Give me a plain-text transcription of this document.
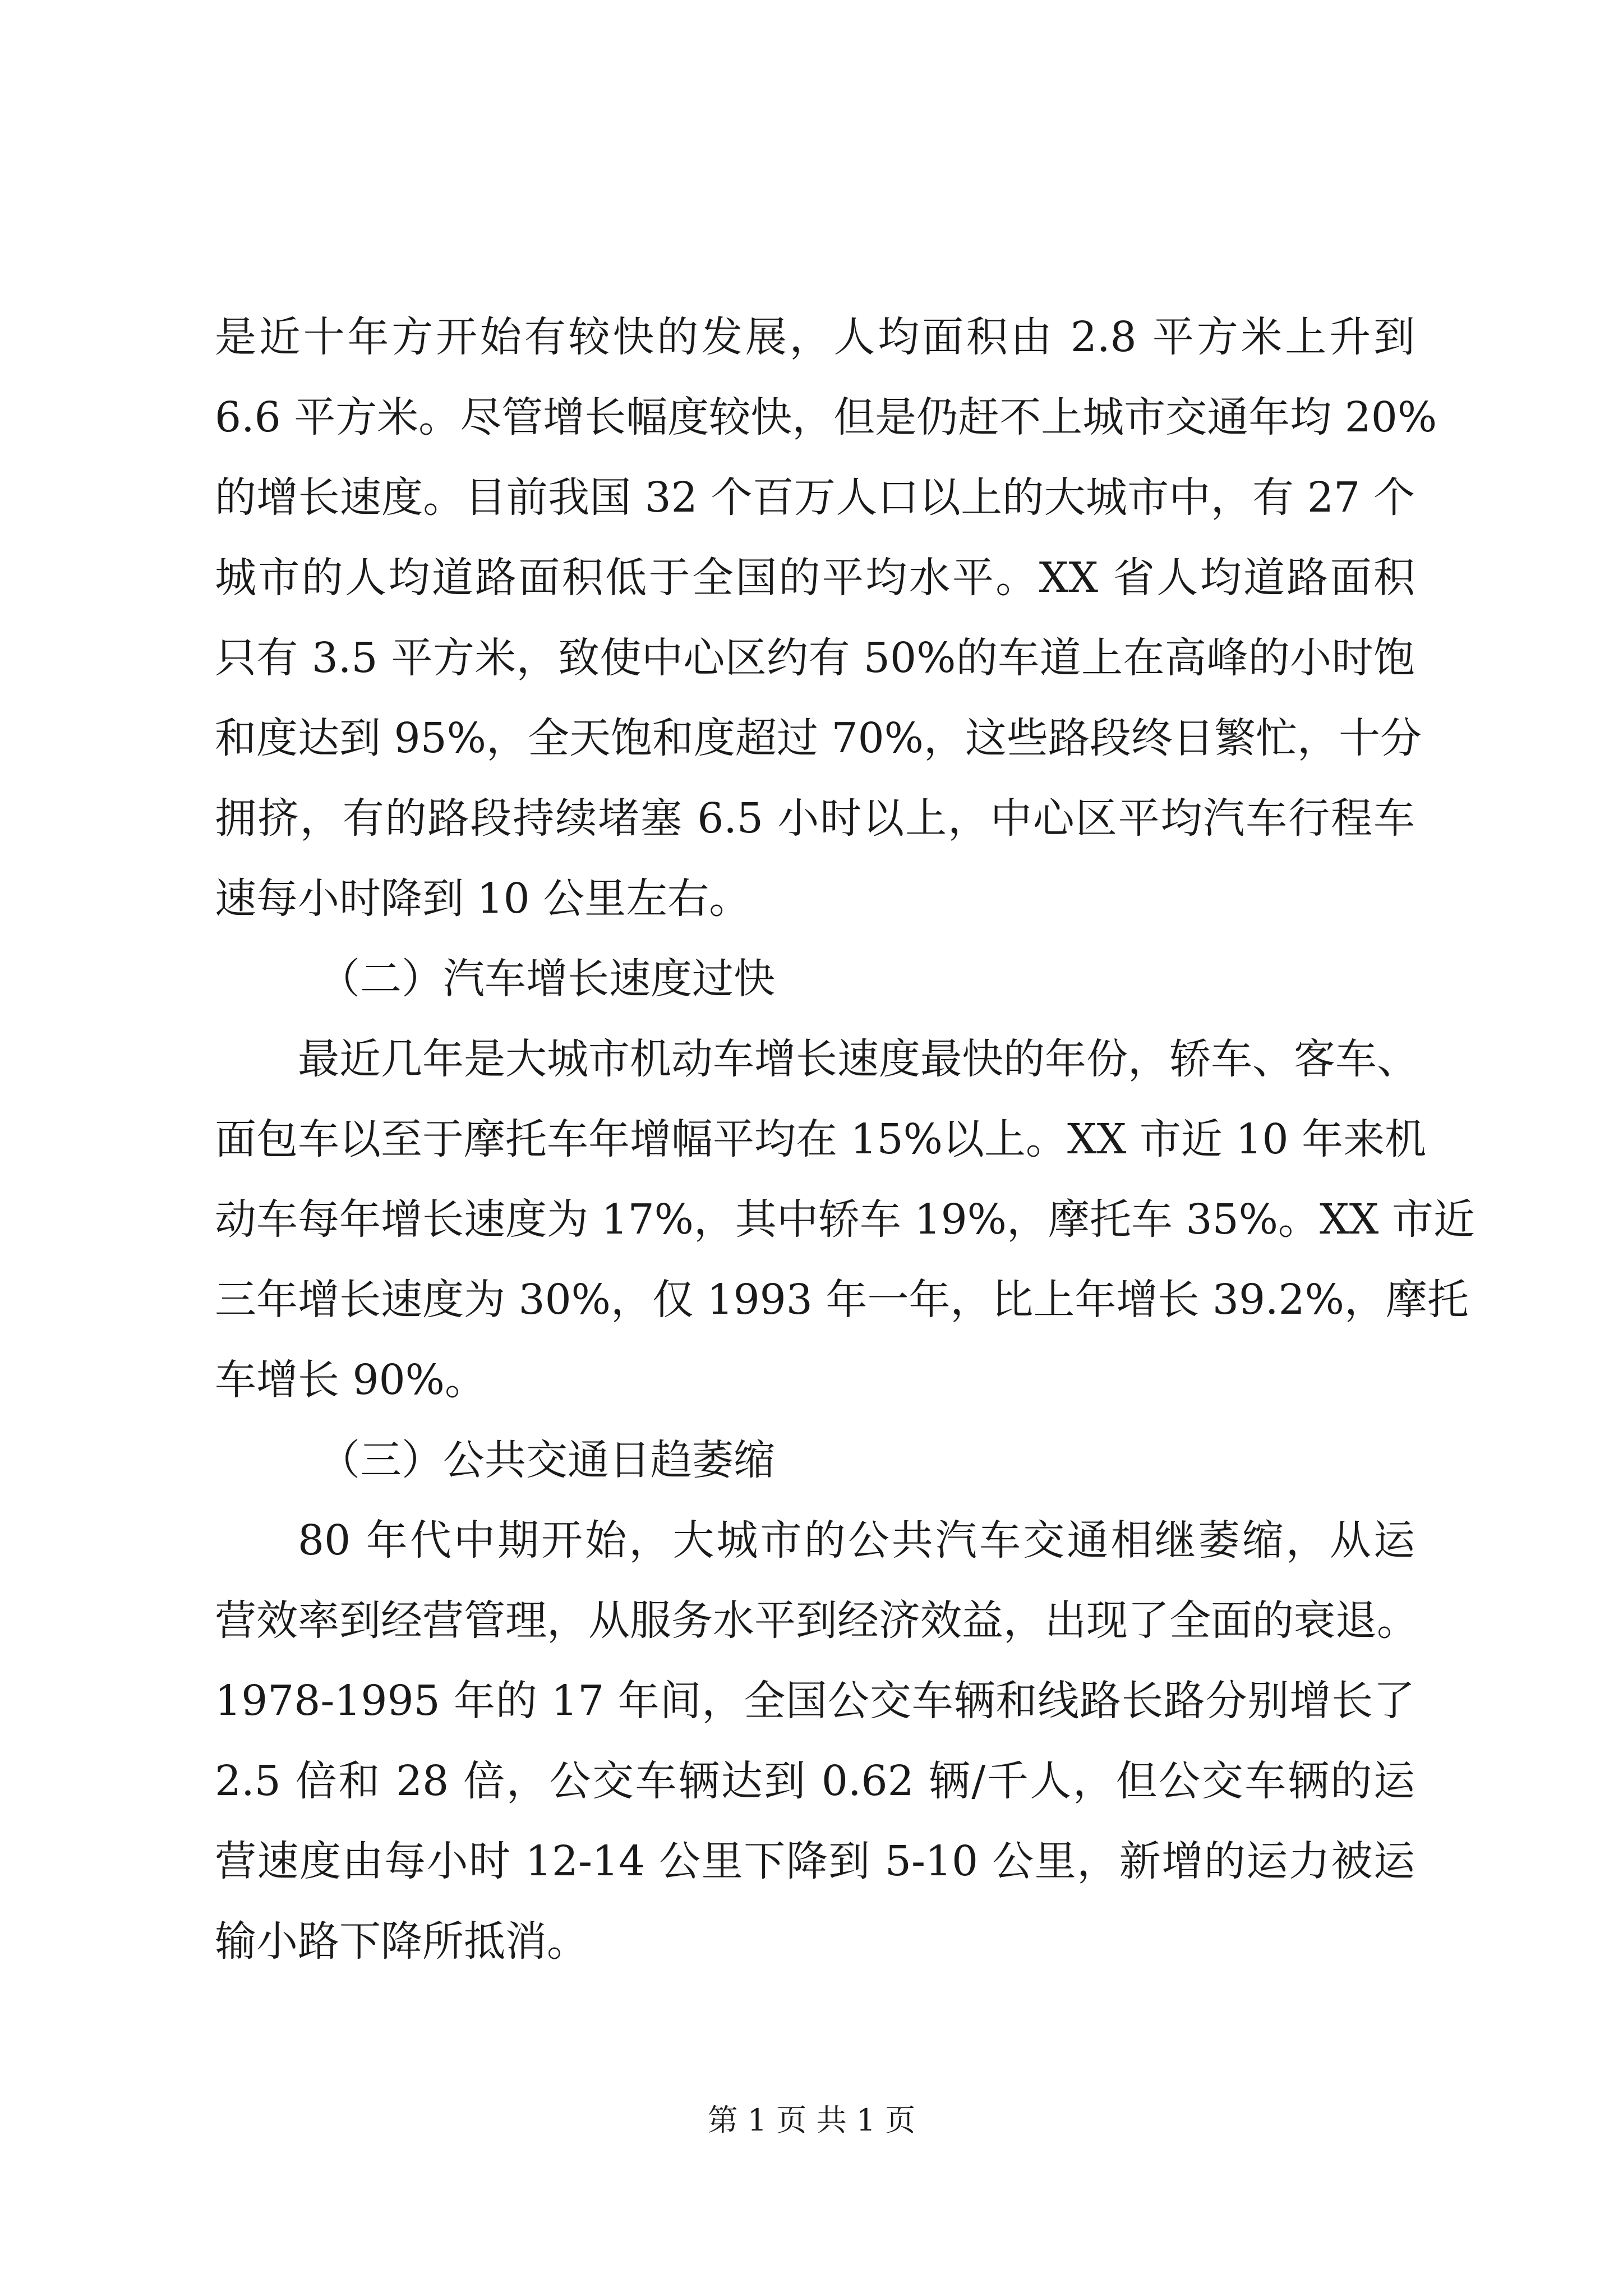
是近十年方开始有较快的发展，人均面积由 2.8 平方米上升到
6.6 平方米。尽管增长幅度较快，但是仍赶不上城市交通年均 20%
的增长速度。目前我国 32 个百万人口以上的大城市中，有 27 个
城市的人均道路面积低于全国的平均水平。XX 省人均道路面积
只有 3.5 平方米，致使中心区约有 50%的车道上在高峰的小时饱
和度达到 95%，全天饱和度超过 70%，这些路段终日繁忙，十分
拥挤，有的路段持续堵塞 6.5 小时以上，中心区平均汽车行程车
速每小时降到 10 公里左右。
（二）汽车增长速度过快
最近几年是大城市机动车增长速度最快的年份，轿车、客车、
面包车以至于摩托车年增幅平均在 15%以上。XX 市近 10 年来机
动车每年增长速度为 17%，其中轿车 19%，摩托车 35%。XX 市近
三年增长速度为 30%，仅 1993 年一年，比上年增长 39.2%，摩托
车增长 90%。
（三）公共交通日趋萎缩
80 年代中期开始，大城市的公共汽车交通相继萎缩，从运
营效率到经营管理，从服务水平到经济效益，出现了全面的衰退。
1978-1995 年的 17 年间，全国公交车辆和线路长路分别增长了
2.5 倍和 28 倍，公交车辆达到 0.62 辆/千人，但公交车辆的运
营速度由每小时 12-14 公里下降到 5-10 公里，新增的运力被运
输小路下降所抵消。
第 1 页 共 1 页
